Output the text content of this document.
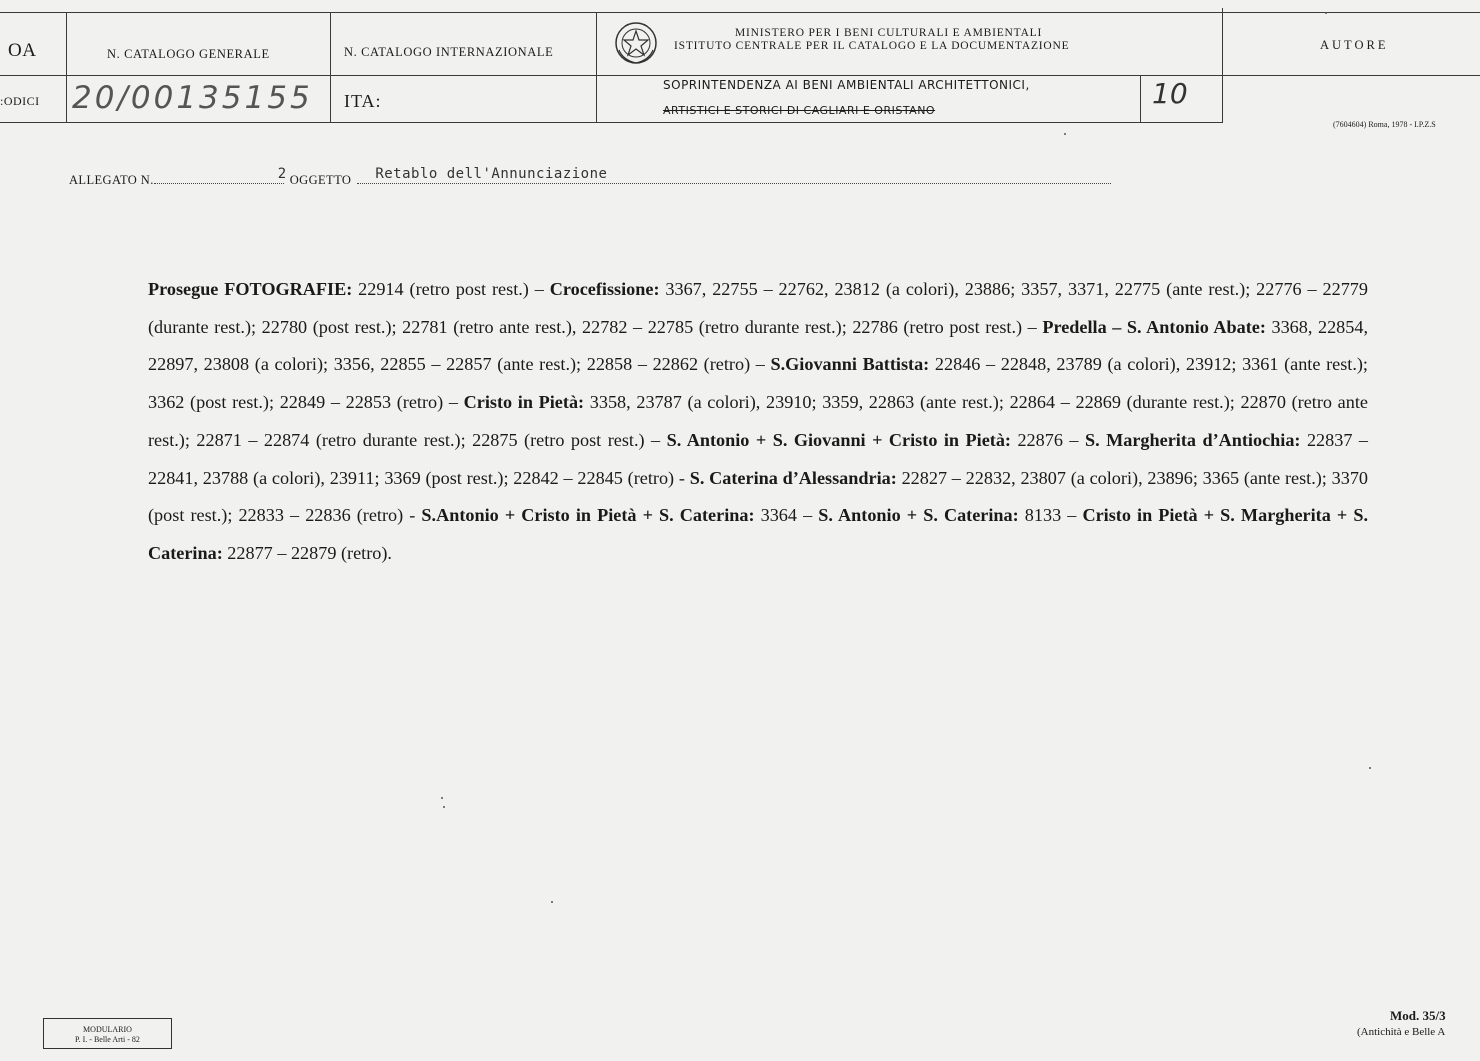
OA
:ODICI
N. CATALOGO GENERALE
20/00135155
N. CATALOGO INTERNAZIONALE
ITA:
MINISTERO PER I BENI CULTURALI E AMBIENTALI
ISTITUTO CENTRALE PER IL CATALOGO E LA DOCUMENTAZIONE
SOPRINTENDENZA AI BENI AMBIENTALI ARCHITETTONICI,
ARTISTICI E STORICI DI CAGLIARI E ORISTANO
10
AUTORE
(7604604) Roma, 1978 - I.P.Z.S
ALLEGATO N.	2 OGGETTO Retablo dell'Annunciazione
Prosegue FOTOGRAFIE: 22914 (retro post rest.) – Crocefissione: 3367, 22755 – 22762, 23812 (a colori), 23886; 3357, 3371, 22775 (ante rest.); 22776 – 22779 (durante rest.); 22780 (post rest.); 22781 (retro ante rest.), 22782 – 22785 (retro durante rest.); 22786 (retro post rest.) – Predella – S. Antonio Abate: 3368, 22854, 22897, 23808 (a colori); 3356, 22855 – 22857 (ante rest.); 22858 – 22862 (retro) – S.Giovanni Battista: 22846 – 22848, 23789 (a colori), 23912; 3361 (ante rest.); 3362 (post rest.); 22849 – 22853 (retro) – Cristo in Pietà: 3358, 23787 (a colori), 23910; 3359, 22863 (ante rest.); 22864 – 22869 (durante rest.); 22870 (retro ante rest.); 22871 – 22874 (retro durante rest.); 22875 (retro post rest.) – S. Antonio + S. Giovanni + Cristo in Pietà: 22876 – S. Margherita d’Antiochia: 22837 – 22841, 23788 (a colori), 23911; 3369 (post rest.); 22842 – 22845 (retro) - S. Caterina d’Alessandria: 22827 – 22832, 23807 (a colori), 23896; 3365 (ante rest.); 3370 (post rest.); 22833 – 22836 (retro) - S.Antonio + Cristo in Pietà + S. Caterina: 3364 – S. Antonio + S. Caterina: 8133 – Cristo in Pietà + S. Margherita + S. Caterina: 22877 – 22879 (retro).
MODULARIO
P. I. - Belle Arti - 82
Mod. 35/3
(Antichità e Belle A
